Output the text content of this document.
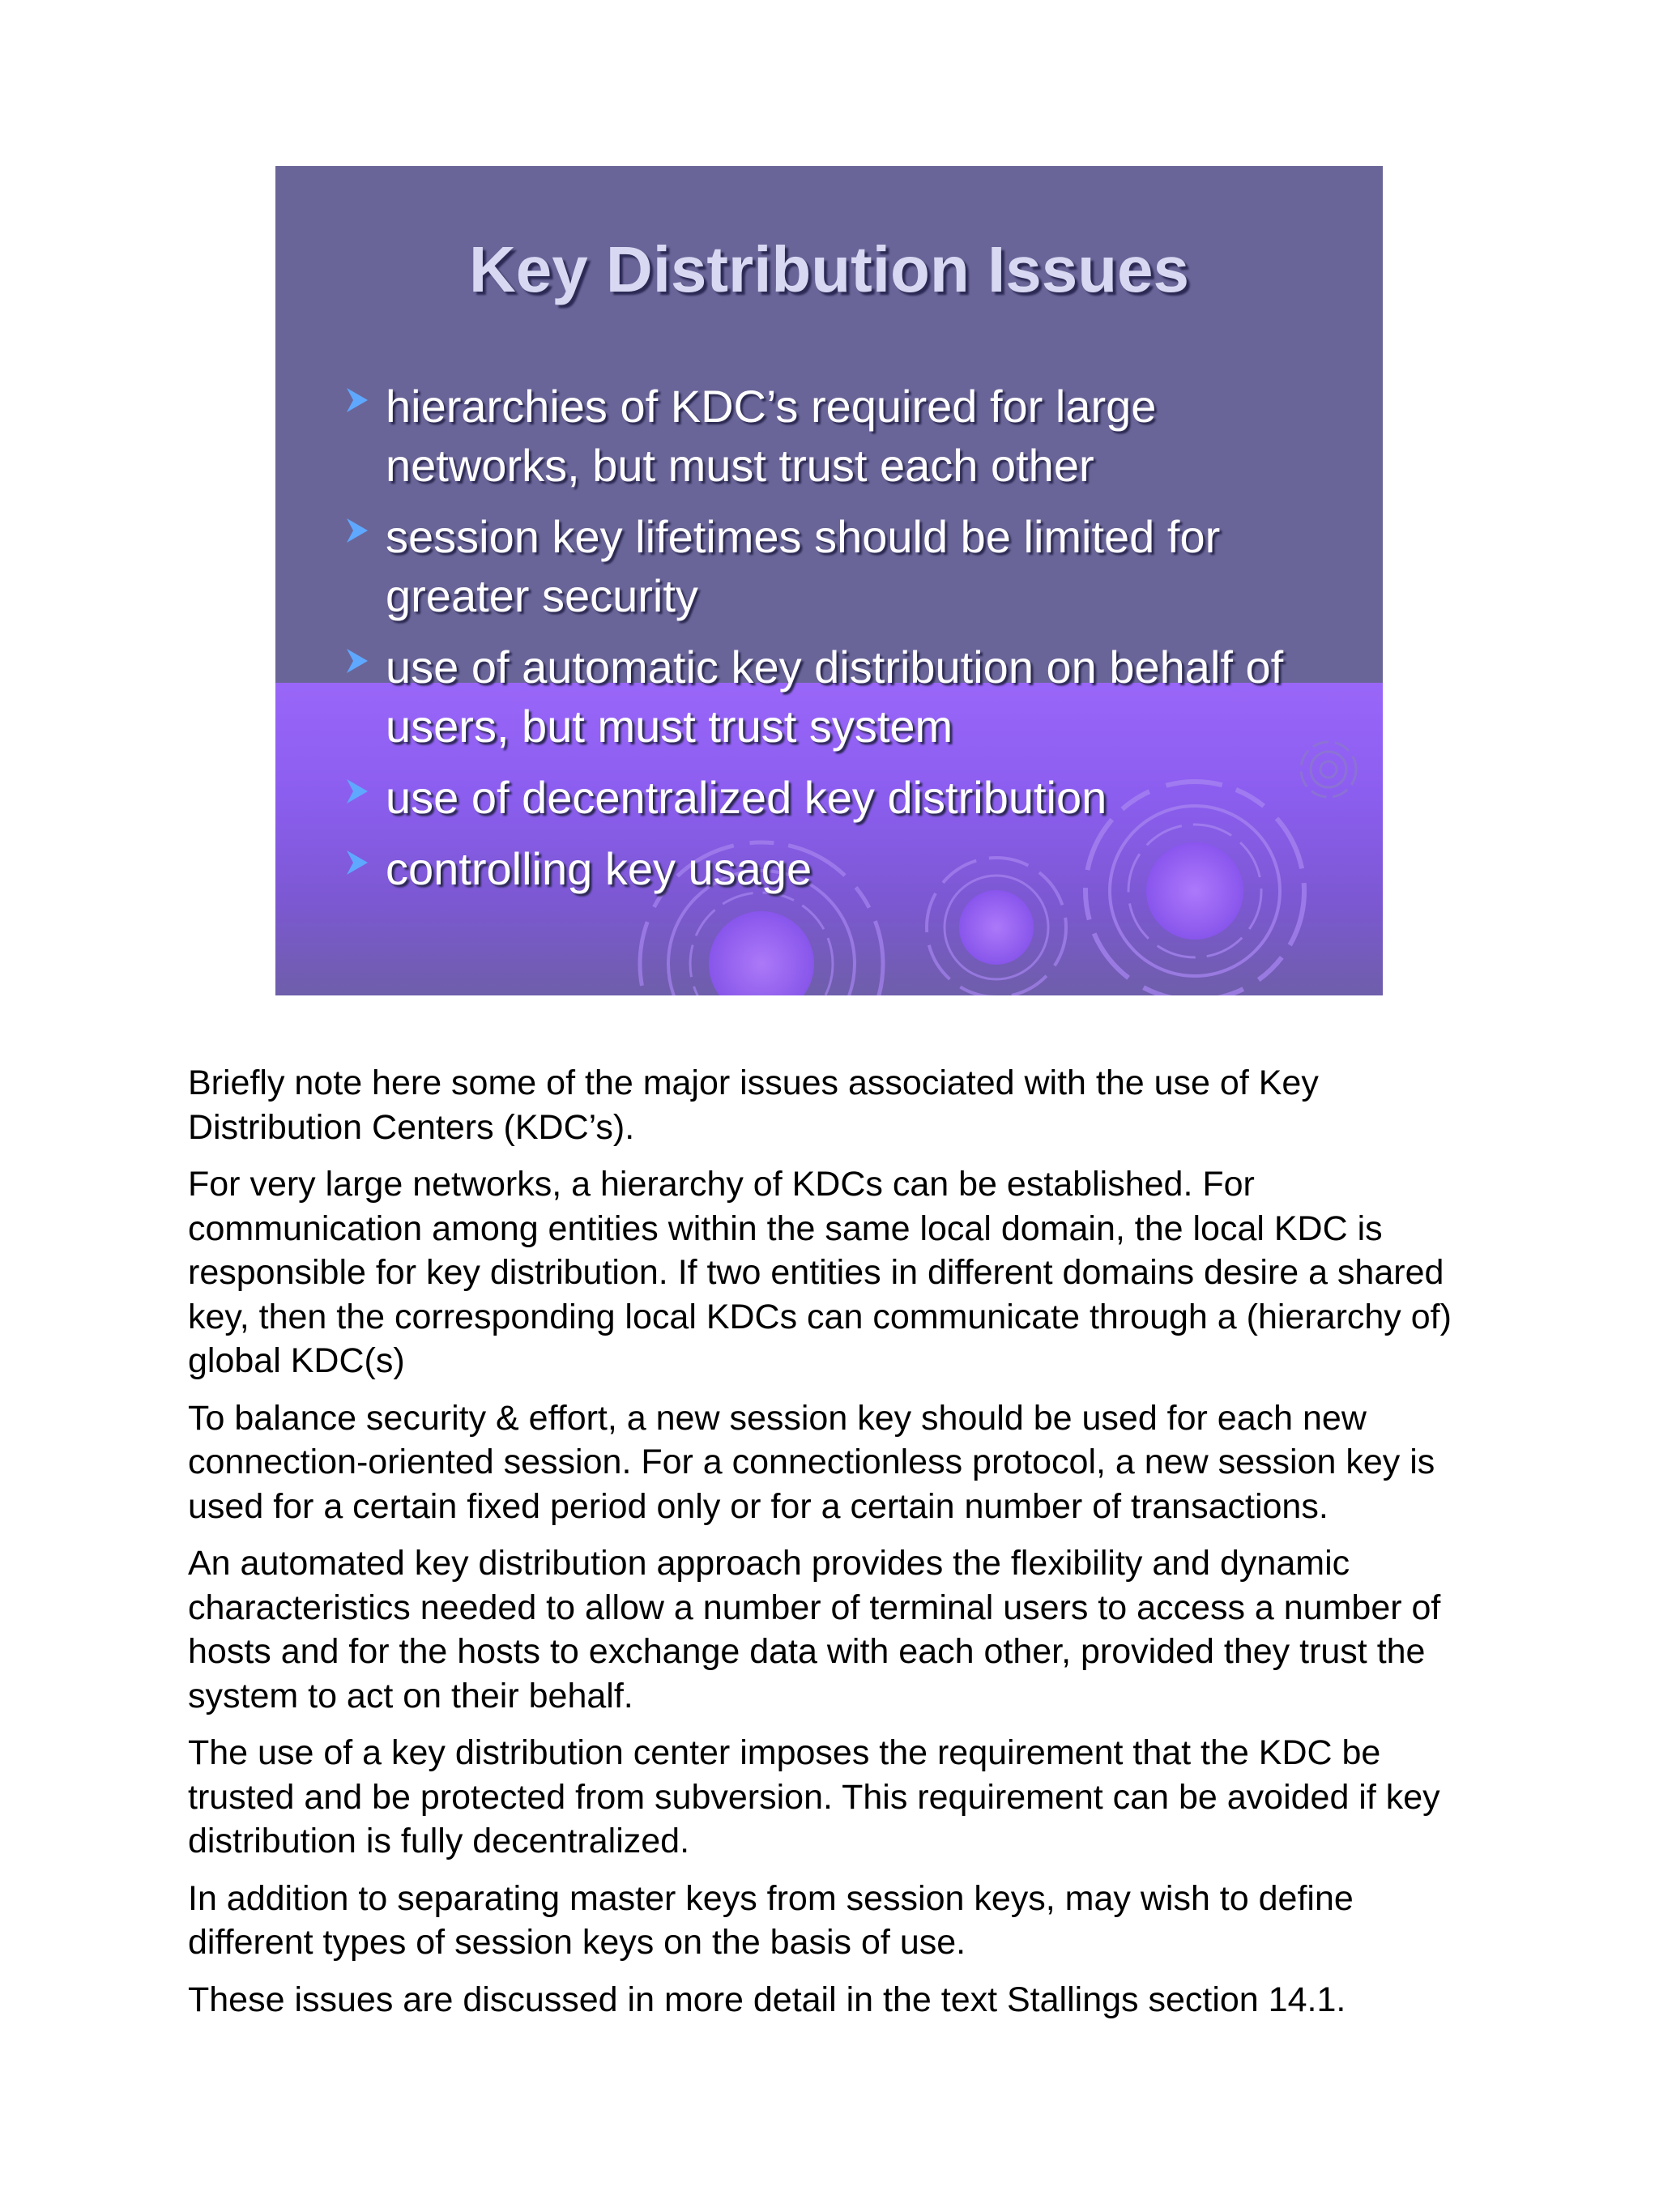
Key Distribution Issues
hierarchies of KDC’s required for large networks, but must trust each other
session key lifetimes should be limited for greater security
use of automatic key distribution on behalf of users, but must trust system
use of decentralized key distribution
controlling key usage

Briefly note here some of the major issues associated with the use of Key Distribution Centers (KDC’s).

For very large networks, a hierarchy of KDCs can be established. For communication among entities within the same local domain, the local KDC is responsible for key distribution. If two entities in different domains desire a shared key, then the corresponding local KDCs can communicate through a (hierarchy of) global KDC(s)

To balance security & effort, a new session key should be used for each new connection-oriented session. For a connectionless protocol, a new session key is used for a certain fixed period only or for a certain number of transactions.

An automated key distribution approach provides the flexibility and dynamic characteristics needed to allow a number of terminal users to access a number of hosts and for the hosts to exchange data with each other, provided they trust the system to act on their behalf.

The use of a key distribution center imposes the requirement that the KDC be trusted and be protected from subversion. This requirement can be avoided if key distribution is fully decentralized.

In addition to separating master keys from session keys, may wish to define different types of session keys on the basis of use.

These issues are discussed in more detail in the text Stallings section 14.1.
